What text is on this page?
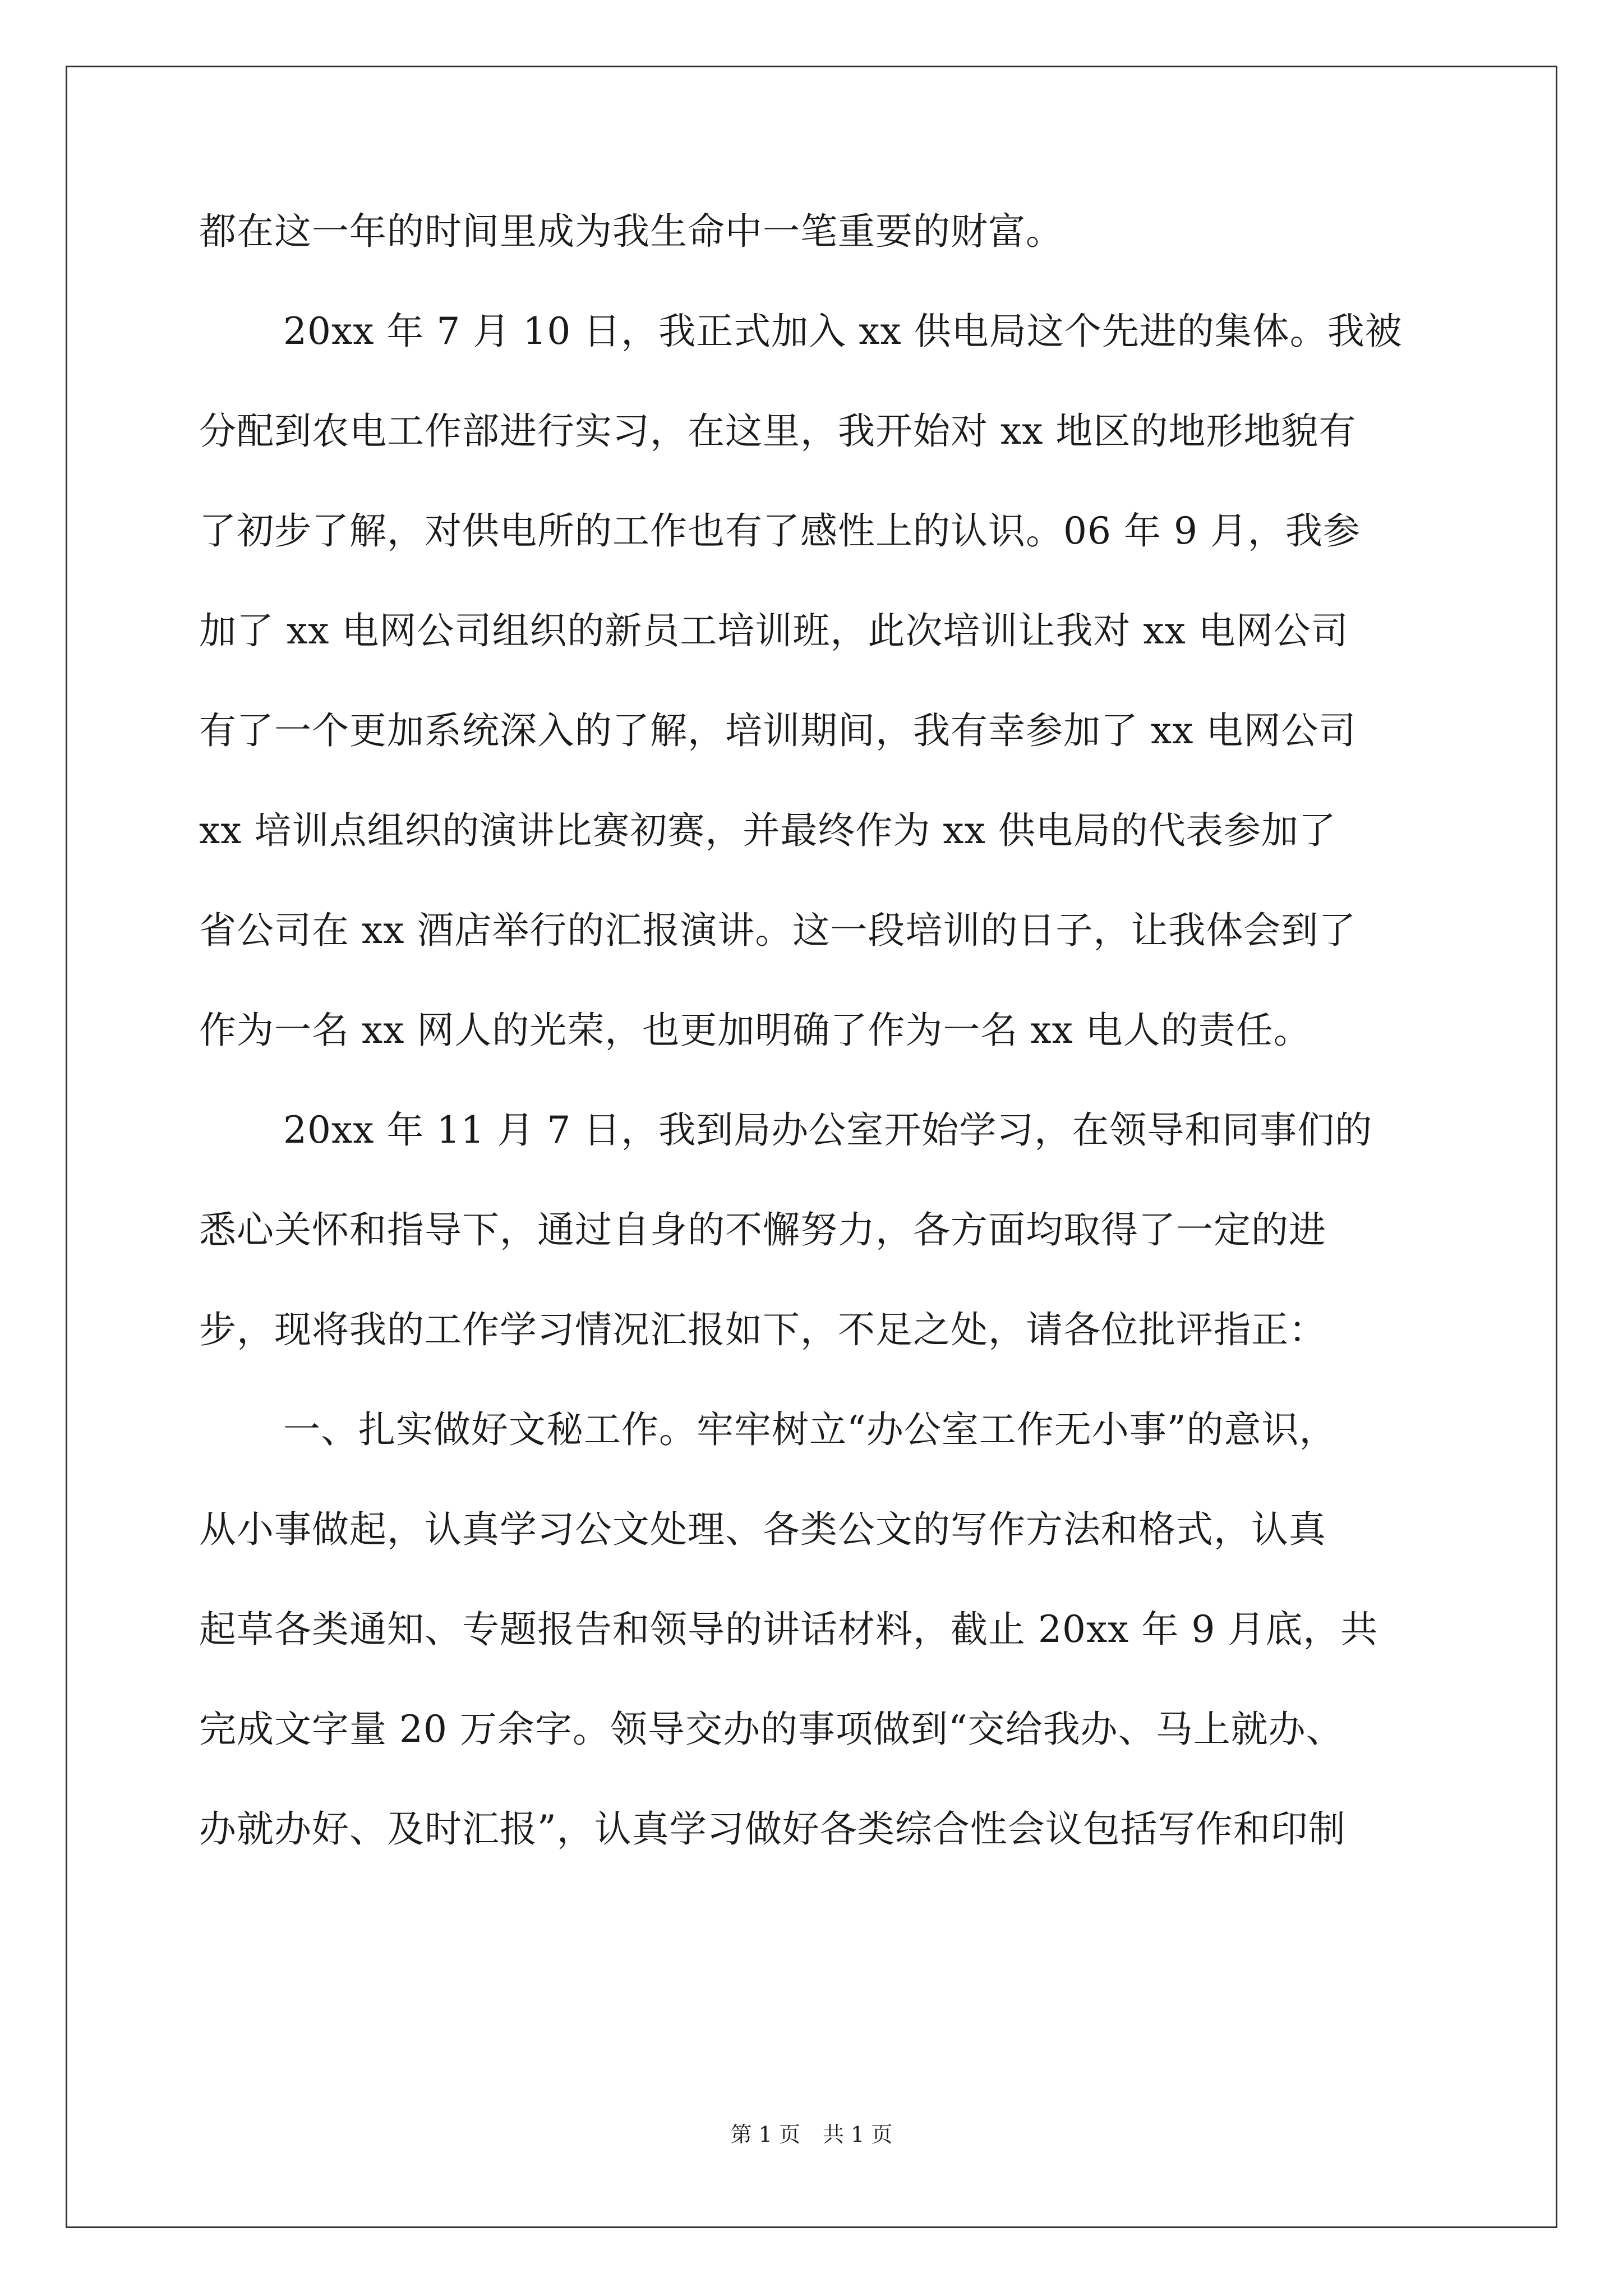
都在这一年的时间里成为我生命中一笔重要的财富。
20xx 年 7 月 10 日，我正式加入 xx 供电局这个先进的集体。我被
分配到农电工作部进行实习，在这里，我开始对 xx 地区的地形地貌有
了初步了解，对供电所的工作也有了感性上的认识。06 年 9 月，我参
加了 xx 电网公司组织的新员工培训班，此次培训让我对 xx 电网公司
有了一个更加系统深入的了解，培训期间，我有幸参加了 xx 电网公司
xx 培训点组织的演讲比赛初赛，并最终作为 xx 供电局的代表参加了
省公司在 xx 酒店举行的汇报演讲。这一段培训的日子，让我体会到了
作为一名 xx 网人的光荣，也更加明确了作为一名 xx 电人的责任。
20xx 年 11 月 7 日，我到局办公室开始学习，在领导和同事们的
悉心关怀和指导下，通过自身的不懈努力，各方面均取得了一定的进
步，现将我的工作学习情况汇报如下，不足之处，请各位批评指正：
一、扎实做好文秘工作。牢牢树立“办公室工作无小事”的意识，
从小事做起，认真学习公文处理、各类公文的写作方法和格式，认真
起草各类通知、专题报告和领导的讲话材料，截止 20xx 年 9 月底，共
完成文字量 20 万余字。领导交办的事项做到“交给我办、马上就办、
办就办好、及时汇报”，认真学习做好各类综合性会议包括写作和印制
第 1 页 共 1 页
